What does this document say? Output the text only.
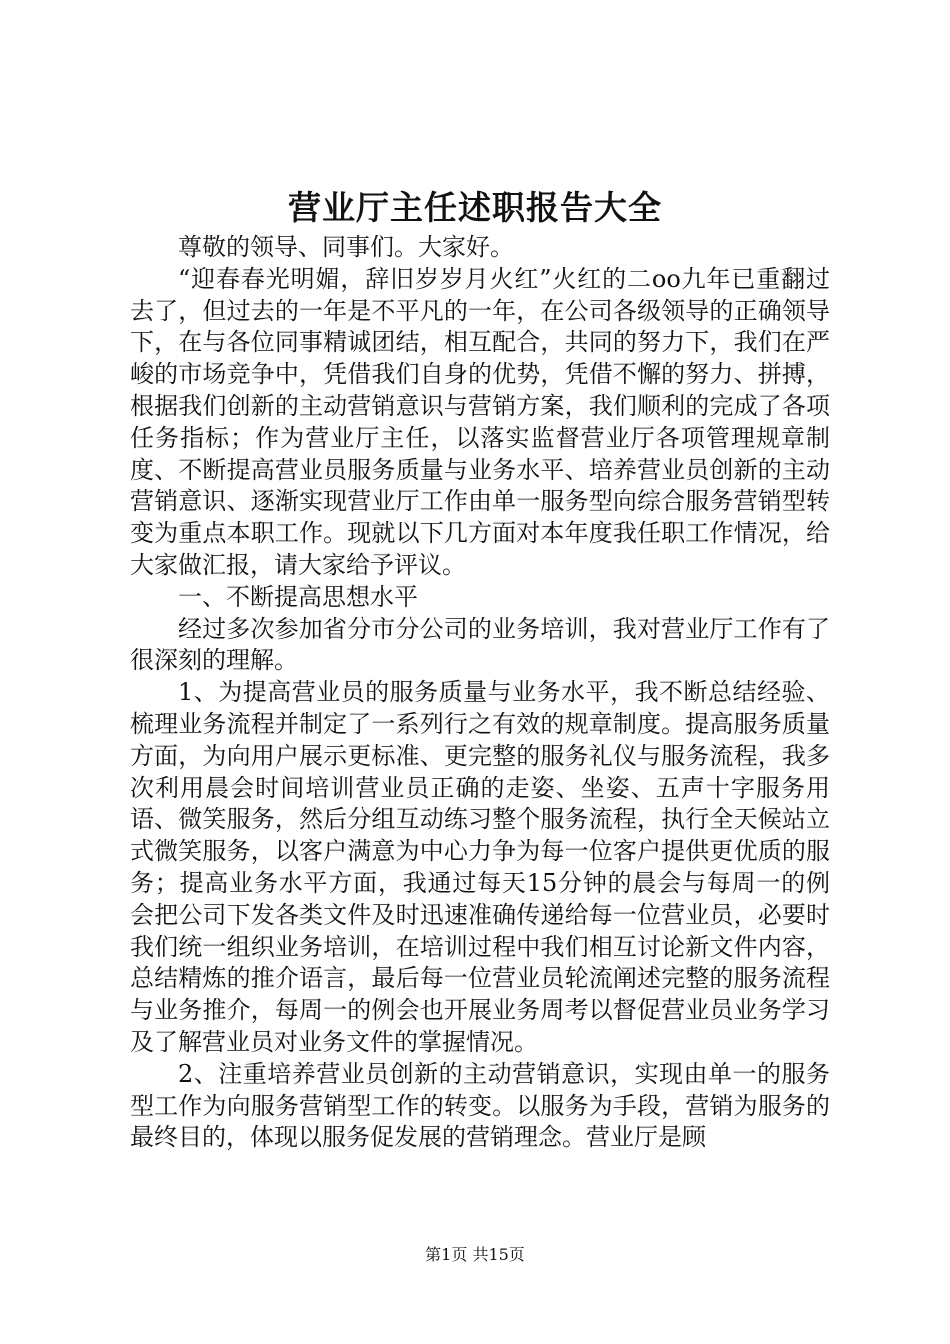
营业厅主任述职报告大全

尊敬的领导、同事们。大家好。

“迎春春光明媚，辞旧岁岁月火红”火红的二oo九年已重翻过去了，但过去的一年是不平凡的一年，在公司各级领导的正确领导下，在与各位同事精诚团结，相互配合，共同的努力下，我们在严峻的市场竞争中，凭借我们自身的优势，凭借不懈的努力、拼搏，根据我们创新的主动营销意识与营销方案，我们顺利的完成了各项任务指标；作为营业厅主任，以落实监督营业厅各项管理规章制度、不断提高营业员服务质量与业务水平、培养营业员创新的主动营销意识、逐渐实现营业厅工作由单一服务型向综合服务营销型转变为重点本职工作。现就以下几方面对本年度我任职工作情况，给大家做汇报，请大家给予评议。

一、不断提高思想水平

经过多次参加省分市分公司的业务培训，我对营业厅工作有了很深刻的理解。

1、为提高营业员的服务质量与业务水平，我不断总结经验、梳理业务流程并制定了一系列行之有效的规章制度。提高服务质量方面，为向用户展示更标准、更完整的服务礼仪与服务流程，我多次利用晨会时间培训营业员正确的走姿、坐姿、五声十字服务用语、微笑服务，然后分组互动练习整个服务流程，执行全天候站立式微笑服务，以客户满意为中心力争为每一位客户提供更优质的服务；提高业务水平方面，我通过每天15分钟的晨会与每周一的例会把公司下发各类文件及时迅速准确传递给每一位营业员，必要时我们统一组织业务培训，在培训过程中我们相互讨论新文件内容，总结精炼的推介语言，最后每一位营业员轮流阐述完整的服务流程与业务推介，每周一的例会也开展业务周考以督促营业员业务学习及了解营业员对业务文件的掌握情况。

2、注重培养营业员创新的主动营销意识，实现由单一的服务型工作为向服务营销型工作的转变。以服务为手段，营销为服务的最终目的，体现以服务促发展的营销理念。营业厅是顾

第1页 共15页
